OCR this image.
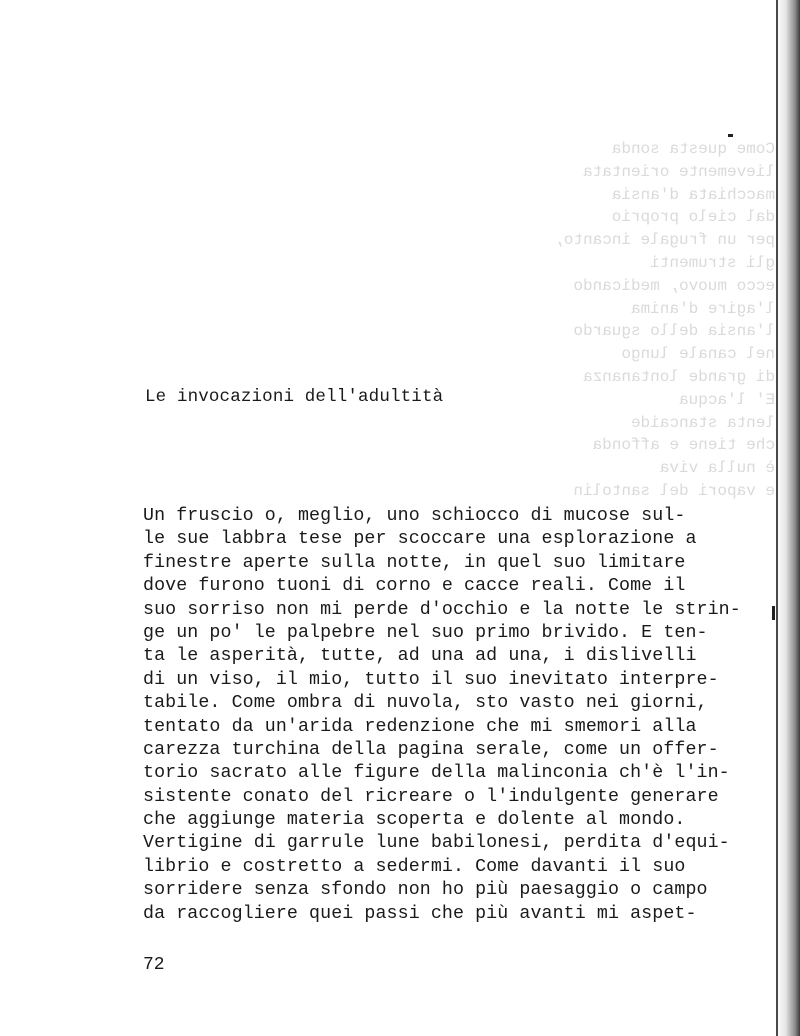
Come questa sonda
lievemente orientata
macchiata d'ansia
dal cielo proprio
per un frugale incanto,
gli strumenti
ecco muovo, medicando
l'agire d'anima
l'ansia dello sguardo
nel canale lungo
di grande lontananza
E' l'acqua
lenta stancaide
che tiene e affonda
è nulla viva
e vapori del santolin
Le invocazioni dell'adultità
Un fruscio o, meglio, uno schiocco di mucose sul-
le sue labbra tese per scoccare una esplorazione a
finestre aperte sulla notte, in quel suo limitare
dove furono tuoni di corno e cacce reali. Come il
suo sorriso non mi perde d'occhio e la notte le strin-
ge un po' le palpebre nel suo primo brivido. E ten-
ta le asperità, tutte, ad una ad una, i dislivelli
di un viso, il mio, tutto il suo inevitato interpre-
tabile. Come ombra di nuvola, sto vasto nei giorni,
tentato da un'arida redenzione che mi smemori alla
carezza turchina della pagina serale, come un offer-
torio sacrato alle figure della malinconia ch'è l'in-
sistente conato del ricreare o l'indulgente generare
che aggiunge materia scoperta e dolente al mondo.
Vertigine di garrule lune babilonesi, perdita d'equi-
librio e costretto a sedermi. Come davanti il suo
sorridere senza sfondo non ho più paesaggio o campo
da raccogliere quei passi che più avanti mi aspet-
72
